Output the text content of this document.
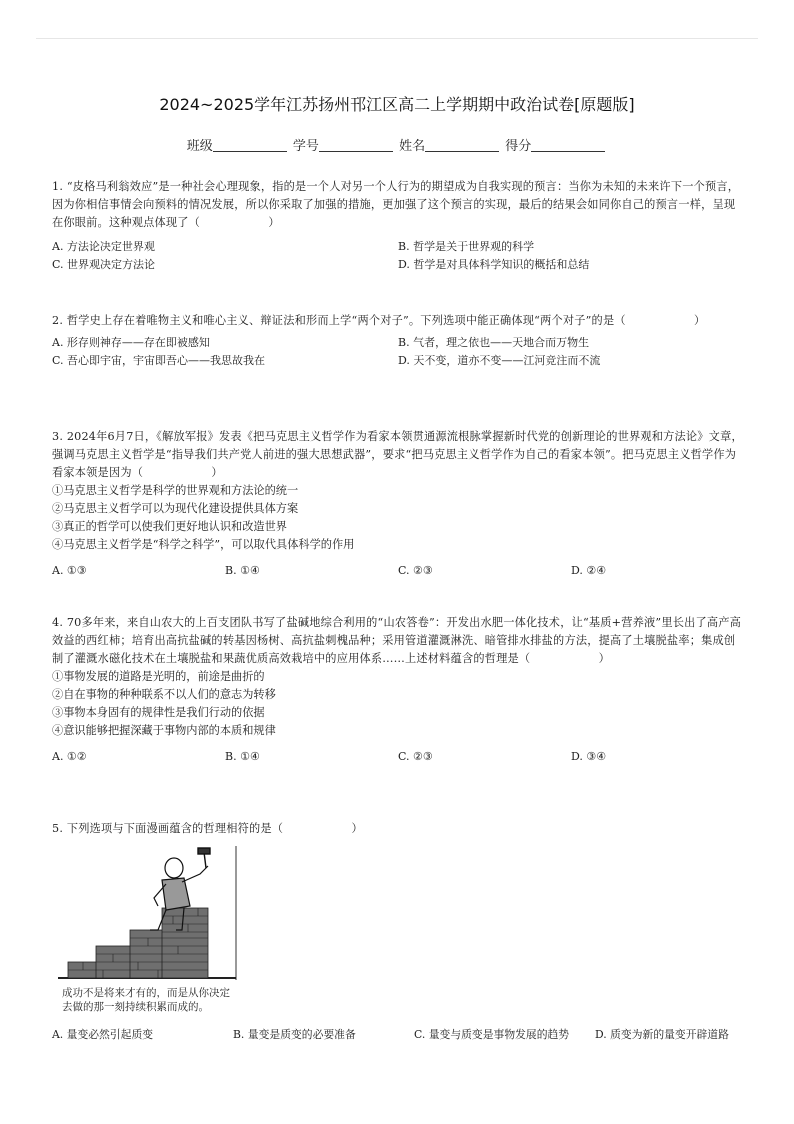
2024~2025学年江苏扬州邗江区高二上学期期中政治试卷[原题版]
班级	学号	姓名	得分

1. “皮格马利翁效应”是一种社会心理现象，指的是一个人对另一个人行为的期望成为自我实现的预言：当你为未知的未来许下一个预言，因为你相信事情会向预料的情况发展，所以你采取了加强的措施，更加强了这个预言的实现，最后的结果会如同你自己的预言一样，呈现在你眼前。这种观点体现了（　　　　　　）

A. 方法论决定世界观	B. 哲学是关于世界观的科学
C. 世界观决定方法论	D. 哲学是对具体科学知识的概括和总结

2. 哲学史上存在着唯物主义和唯心主义、辩证法和形而上学“两个对子”。下列选项中能正确体现“两个对子”的是（　　　　　　）

A. 形存则神存——存在即被感知	B. 气者，理之依也——天地合而万物生
C. 吾心即宇宙，宇宙即吾心——我思故我在	D. 天不变，道亦不变——江河竞注而不流

3. 2024年6月7日，《解放军报》发表《把马克思主义哲学作为看家本领贯通源流根脉掌握新时代党的创新理论的世界观和方法论》文章，强调马克思主义哲学是“指导我们共产党人前进的强大思想武器”，要求“把马克思主义哲学作为自己的看家本领”。把马克思主义哲学作为看家本领是因为（　　　　　　）

①马克思主义哲学是科学的世界观和方法论的统一

②马克思主义哲学可以为现代化建设提供具体方案

③真正的哲学可以使我们更好地认识和改造世界

④马克思主义哲学是“科学之科学”，可以取代具体科学的作用

A. ①③	B. ①④	C. ②③	D. ②④

4. 70多年来，来自山农大的上百支团队书写了盐碱地综合利用的“山农答卷”：开发出水肥一体化技术，让“基质+营养液”里长出了高产高效益的西红柿；培育出高抗盐碱的转基因杨树、高抗盐刺槐品种；采用管道灌溉淋洗、暗管排水排盐的方法，提高了土壤脱盐率；集成创制了灌溉水磁化技术在土壤脱盐和果蔬优质高效栽培中的应用体系……上述材料蕴含的哲理是（　　　　　　）

①事物发展的道路是光明的，前途是曲折的

②自在事物的种种联系不以人们的意志为转移

③事物本身固有的规律性是我们行动的依据

④意识能够把握深藏于事物内部的本质和规律

A. ①②	B. ①④	C. ②③	D. ③④

5. 下列选项与下面漫画蕴含的哲理相符的是（　　　　　　）

成功不是将来才有的，而是从你决定
去做的那一刻持续积累而成的。
A. 量变必然引起质变	B. 量变是质变的必要准备	C. 量变与质变是事物发展的趋势	D. 质变为新的量变开辟道路
